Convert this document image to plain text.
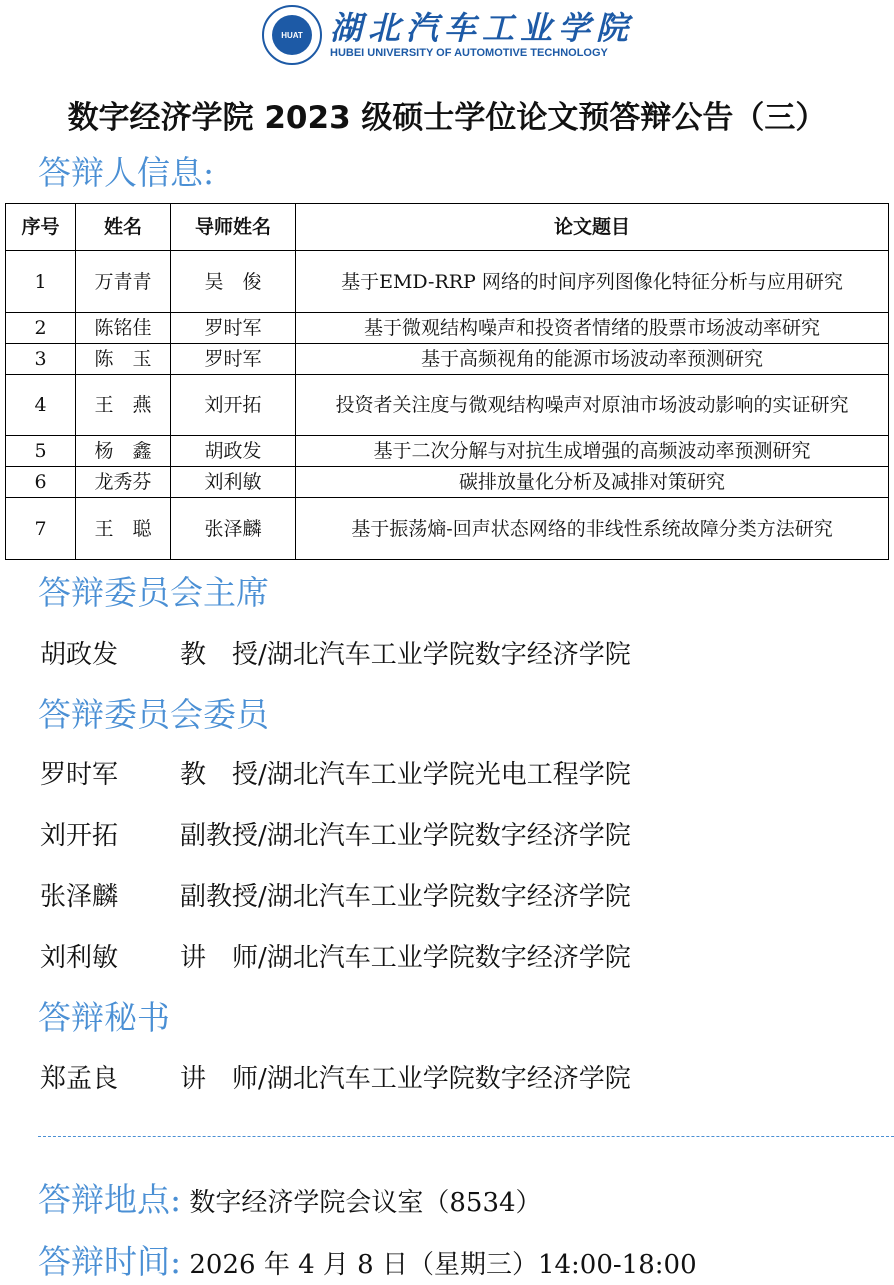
HUAT 湖北汽车工业学院
HUBEI UNIVERSITY OF AUTOMOTIVE TECHNOLOGY
数字经济学院 2023 级硕士学位论文预答辩公告（三）
答辩人信息:
序号	姓名	导师姓名	论文题目
1	万青青	吴　俊	基于EMD-RRP 网络的时间序列图像化特征分析与应用研究
2	陈铭佳	罗时军	基于微观结构噪声和投资者情绪的股票市场波动率研究
3	陈　玉	罗时军	基于高频视角的能源市场波动率预测研究
4	王　燕	刘开拓	投资者关注度与微观结构噪声对原油市场波动影响的实证研究
5	杨　鑫	胡政发	基于二次分解与对抗生成增强的高频波动率预测研究
6	龙秀芬	刘利敏	碳排放量化分析及减排对策研究
7	王　聪	张泽麟	基于振荡熵-回声状态网络的非线性系统故障分类方法研究
答辩委员会主席
胡政发 教　授/湖北汽车工业学院数字经济学院
答辩委员会委员
罗时军 教　授/湖北汽车工业学院光电工程学院
刘开拓 副教授/湖北汽车工业学院数字经济学院
张泽麟 副教授/湖北汽车工业学院数字经济学院
刘利敏 讲　师/湖北汽车工业学院数字经济学院
答辩秘书
郑孟良 讲　师/湖北汽车工业学院数字经济学院
答辩地点: 数字经济学院会议室（8534）
答辩时间: 2026 年 4 月 8 日（星期三）14:00-18:00
